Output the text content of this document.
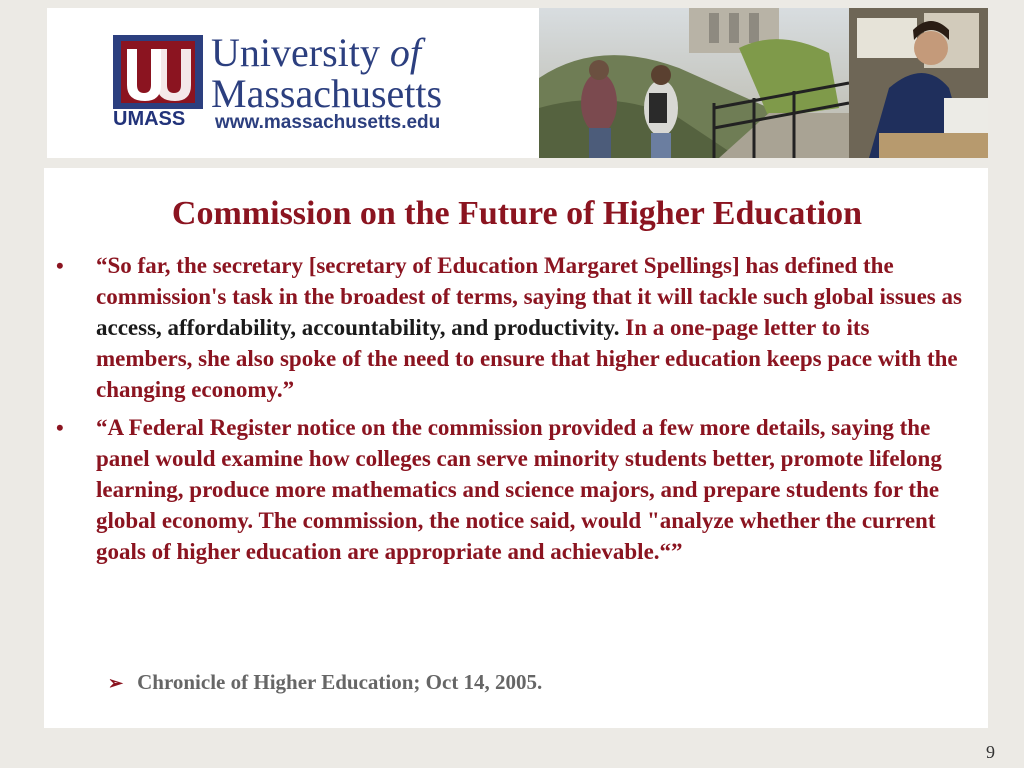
UMASS
University of
Massachusetts
www.massachusetts.edu
Commission on the Future of Higher Education
• “So far, the secretary [secretary of Education Margaret Spellings] has defined the commission's task in the broadest of terms, saying that it will tackle such global issues as access, affordability, accountability, and productivity. In a one-page letter to its members, she also spoke of the need to ensure that higher education keeps pace with the changing economy.”
• “A Federal Register notice on the commission provided a few more details, saying the panel would examine how colleges can serve minority students better, promote lifelong learning, produce more mathematics and science majors, and prepare students for the global economy. The commission, the notice said, would "analyze whether the current goals of higher education are appropriate and achievable.“”
➢ Chronicle of Higher Education; Oct 14, 2005.
9
